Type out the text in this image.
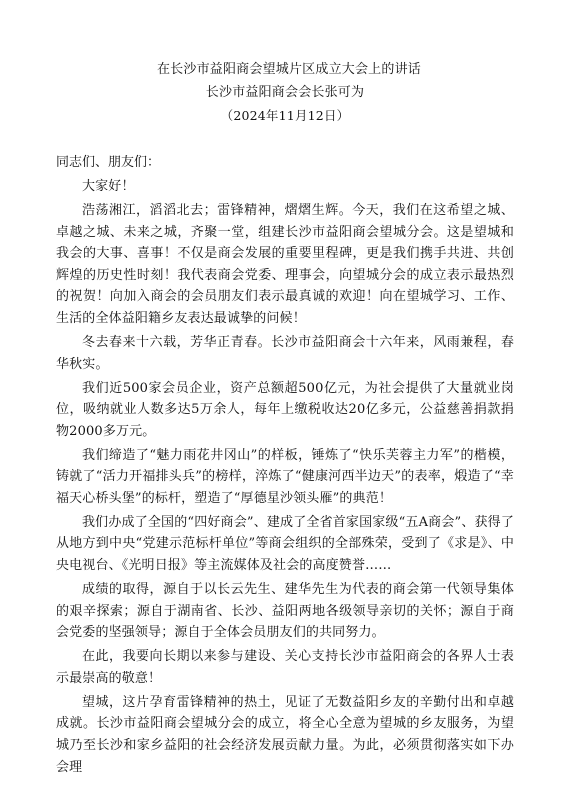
在长沙市益阳商会望城片区成立大会上的讲话
长沙市益阳商会会长张可为
（2024年11月12日）
同志们、朋友们：

大家好！

浩荡湘江，滔滔北去；雷锋精神，熠熠生辉。今天，我们在这希望之城、卓越之城、未来之城，齐聚一堂，组建长沙市益阳商会望城分会。这是望城和我会的大事、喜事！不仅是商会发展的重要里程碑，更是我们携手共进、共创辉煌的历史性时刻！我代表商会党委、理事会，向望城分会的成立表示最热烈的祝贺！向加入商会的会员朋友们表示最真诚的欢迎！向在望城学习、工作、生活的全体益阳籍乡友表达最诚挚的问候！

冬去春来十六载，芳华正青春。长沙市益阳商会十六年来，风雨兼程，春华秋实。

我们近500家会员企业，资产总额超500亿元，为社会提供了大量就业岗位，吸纳就业人数多达5万余人，每年上缴税收达20亿多元，公益慈善捐款捐物2000多万元。

我们缔造了“魅力雨花井冈山”的样板，锤炼了“快乐芙蓉主力军”的楷模，铸就了“活力开福排头兵”的榜样，淬炼了“健康河西半边天”的表率，煅造了“幸福天心桥头堡”的标杆，塑造了“厚德星沙领头雁”的典范！

我们办成了全国的“四好商会”、建成了全省首家国家级“五A商会”、获得了从地方到中央“党建示范标杆单位”等商会组织的全部殊荣，受到了《求是》、中央电视台、《光明日报》等主流媒体及社会的高度赞誉……

成绩的取得，源自于以长云先生、建华先生为代表的商会第一代领导集体的艰辛探索；源自于湖南省、长沙、益阳两地各级领导亲切的关怀；源自于商会党委的坚强领导；源自于全体会员朋友们的共同努力。

在此，我要向长期以来参与建设、关心支持长沙市益阳商会的各界人士表示最崇高的敬意！

望城，这片孕育雷锋精神的热土，见证了无数益阳乡友的辛勤付出和卓越成就。长沙市益阳商会望城分会的成立，将全心全意为望城的乡友服务，为望城乃至长沙和家乡益阳的社会经济发展贡献力量。为此，必须贯彻落实如下办会理
